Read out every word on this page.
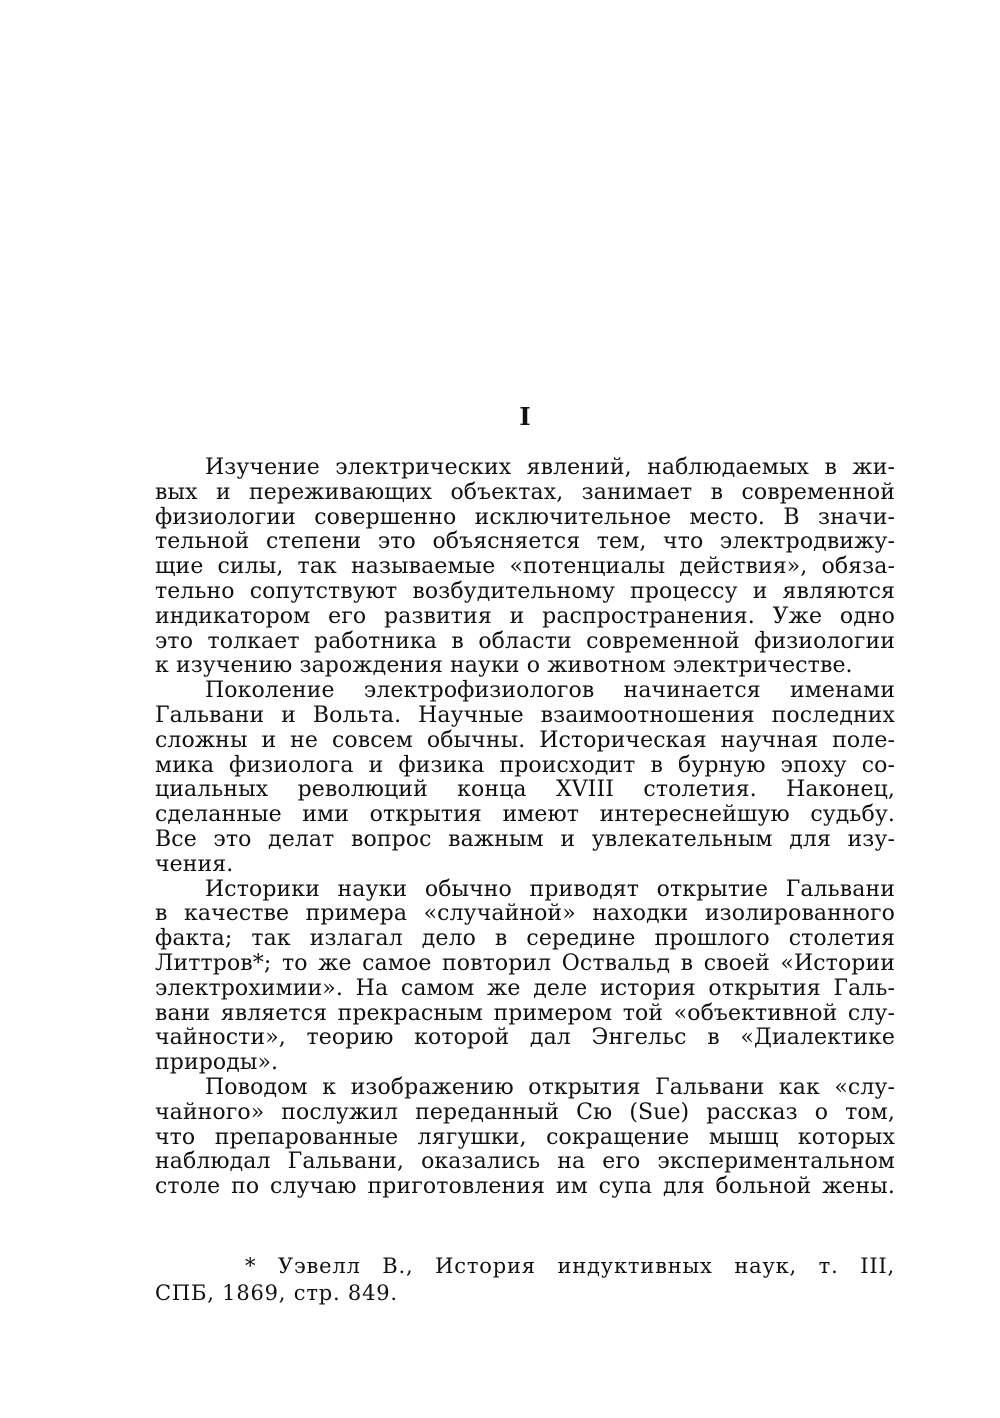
I
Изучение электрических явлений, наблюдаемых в жи-
вых и переживающих объектах, занимает в современной
физиологии совершенно исключительное место. В значи-
тельной степени это объясняется тем, что электродвижу-
щие силы, так называемые «потенциалы действия», обяза-
тельно сопутствуют возбудительному процессу и являются
индикатором его развития и распространения. Уже одно
это толкает работника в области современной физиологии
к изучению зарождения науки о животном электричестве.
Поколение электрофизиологов начинается именами
Гальвани и Вольта. Научные взаимоотношения последних
сложны и не совсем обычны. Историческая научная поле-
мика физиолога и физика происходит в бурную эпоху со-
циальных революций конца XVIII столетия. Наконец,
сделанные ими открытия имеют интереснейшую судьбу.
Все это делат вопрос важным и увлекательным для изу-
чения.
Историки науки обычно приводят открытие Гальвани
в качестве примера «случайной» находки изолированного
факта; так излагал дело в середине прошлого столетия
Литтров*; то же самое повторил Оствальд в своей «Истории
электрохимии». На самом же деле история открытия Галь-
вани является прекрасным примером той «объективной слу-
чайности», теорию которой дал Энгельс в «Диалектике
природы».
Поводом к изображению открытия Гальвани как «слу-
чайного» послужил переданный Сю (Sue) рассказ о том,
что препарованные лягушки, сокращение мышц которых
наблюдал Гальвани, оказались на его экспериментальном
столе по случаю приготовления им супа для больной жены.
* Уэвелл В., История индуктивных наук, т. III,
СПБ, 1869, стр. 849.
